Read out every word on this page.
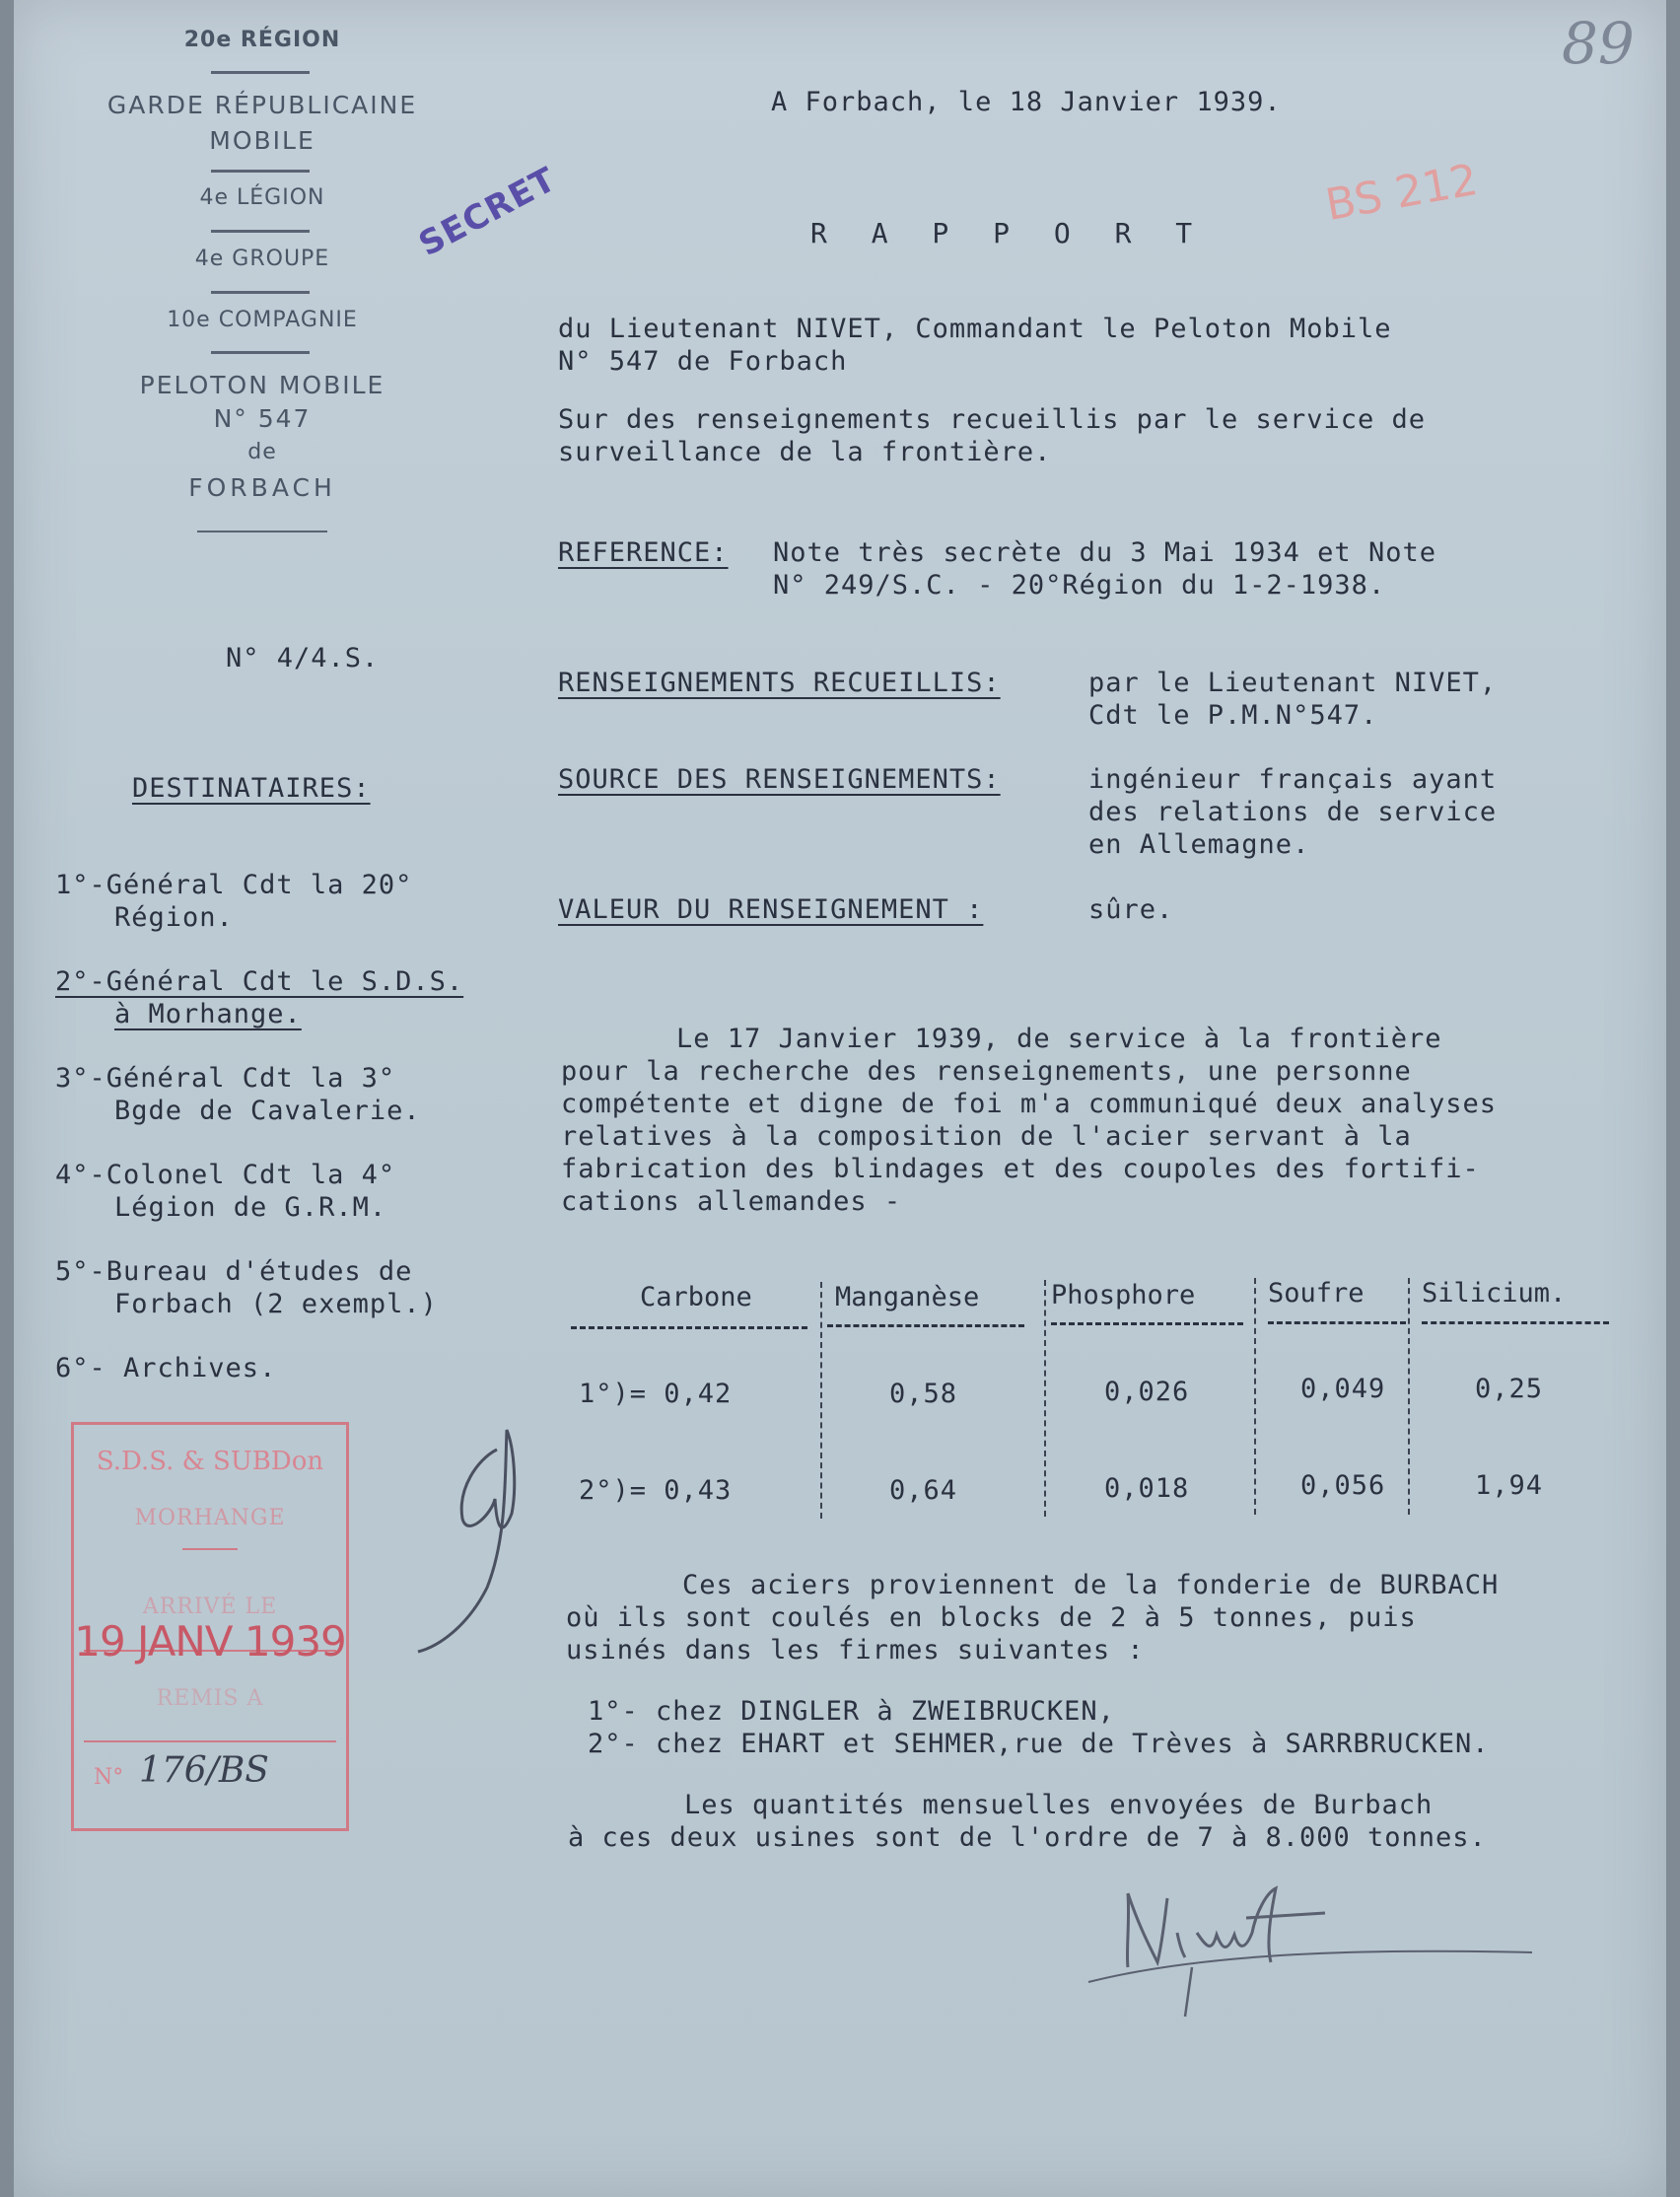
89
BS 212
SECRET
20e RÉGION
GARDE RÉPUBLICAINE
MOBILE
4e LÉGION
4e GROUPE
10e COMPAGNIE
PELOTON MOBILE
N° 547
de
FORBACH
A Forbach, le 18 Janvier 1939.
R A P P O R T
du Lieutenant NIVET, Commandant le Peloton Mobile
N° 547 de Forbach
Sur des renseignements recueillis par le service de
surveillance de la frontière.
REFERENCE: Note très secrète du 3 Mai 1934 et Note
N° 249/S.C. - 20°Région du 1-2-1938.
N° 4/4.S.
RENSEIGNEMENTS RECUEILLIS:	par le Lieutenant NIVET,
Cdt le P.M.N°547.
SOURCE DES RENSEIGNEMENTS:	ingénieur français ayant
des relations de service
en Allemagne.
VALEUR DU RENSEIGNEMENT :	sûre.
DESTINATAIRES:
1°-Général Cdt la 20°
Région.
2°-Général Cdt le S.D.S.
à Morhange.
3°-Général Cdt la 3°
Bgde de Cavalerie.
4°-Colonel Cdt la 4°
Légion de G.R.M.
5°-Bureau d'études de
Forbach (2 exempl.)
6°- Archives.
Le 17 Janvier 1939, de service à la frontière
pour la recherche des renseignements, une personne
compétente et digne de foi m'a communiqué deux analyses
relatives à la composition de l'acier servant à la
fabrication des blindages et des coupoles des fortifi-
cations allemandes -
Carbone	Manganèse	Phosphore	Soufre Silicium.
1°)= 0,42	0,58	0,026	0,049	0,25
2°)= 0,43	0,64	0,018	0,056	1,94
Ces aciers proviennent de la fonderie de BURBACH
où ils sont coulés en blocks de 2 à 5 tonnes, puis
usinés dans les firmes suivantes :
1°- chez DINGLER à ZWEIBRUCKEN,
2°- chez EHART et SEHMER,rue de Trèves à SARRBRUCKEN.
Les quantités mensuelles envoyées de Burbach
à ces deux usines sont de l'ordre de 7 à 8.000 tonnes.
S.D.S. & SUBDon
MORHANGE
ARRIVÉ LE
19 JANV 1939
REMIS A
N° 176/BS
